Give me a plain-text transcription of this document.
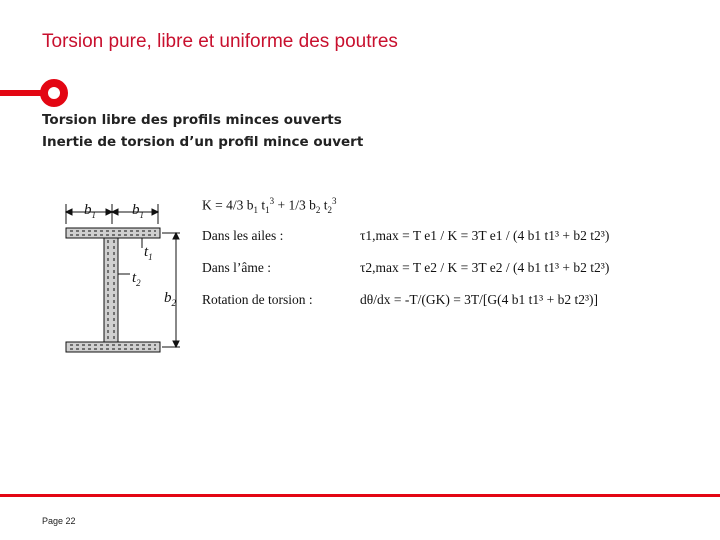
Torsion pure, libre et uniforme des poutres
Torsion libre des profils minces ouverts
Inertie de torsion d’un profil mince ouvert
$b_1$ $b_1$
$b_2$
$t_1$
$t_2$
K = 4/3 $b_1$ $t_1^3 + 1/3$ $b_2$ $t_2^3$
Dans les ailes :	τ1,max = T e1 / K = 3T e1 / (4 b1 t1³ + b2 t2³)
Dans l’âme :	τ2,max = T e2 / K = 3T e2 / (4 b1 t1³ + b2 t2³)
Rotation de torsion :	dθ/dx = -T/(GK) = 3T/[G(4 b1 t1³ + b2 t2³)]
Page 22
